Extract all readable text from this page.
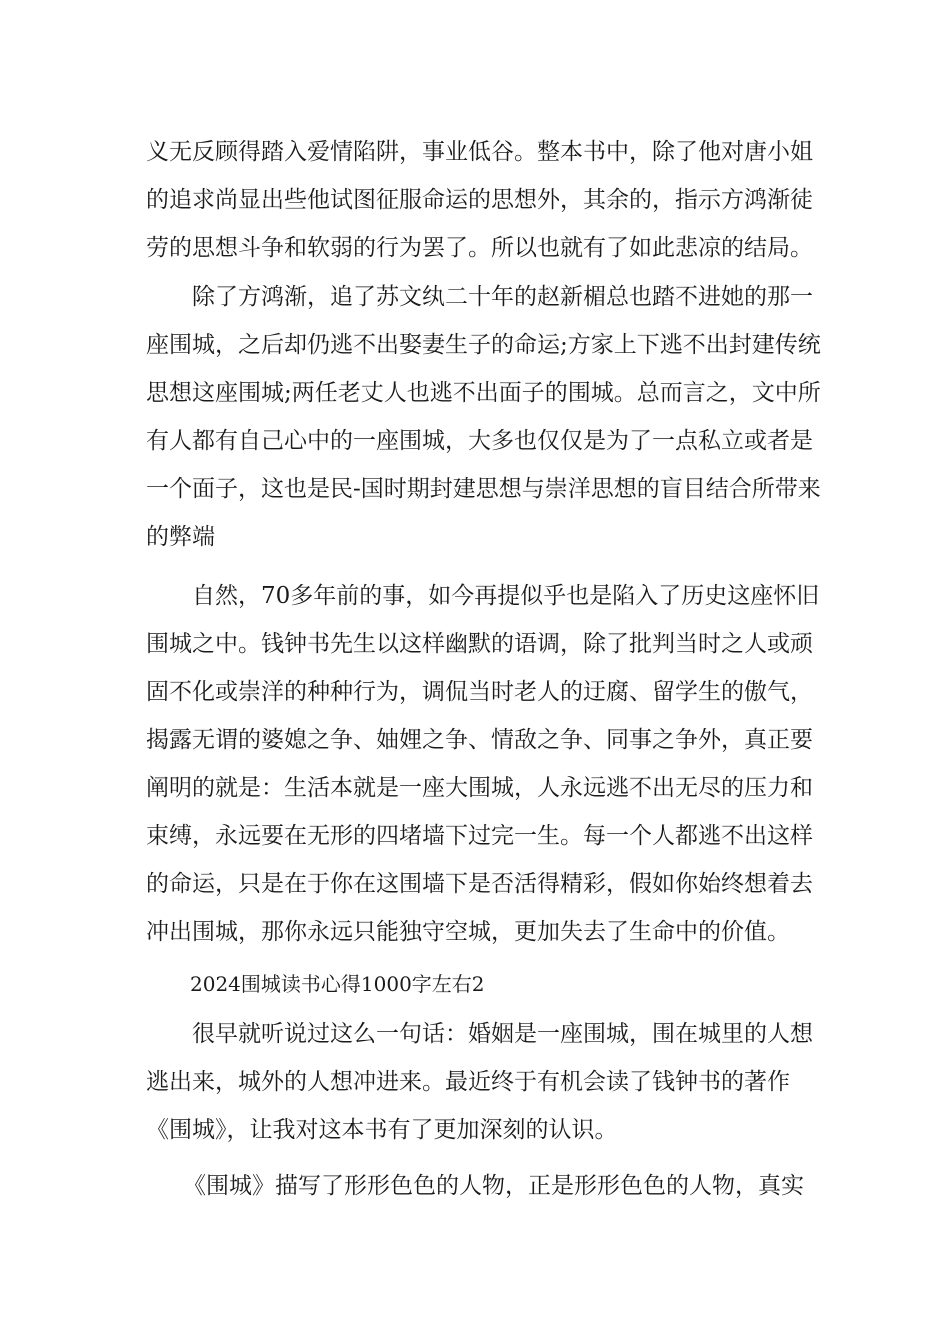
义无反顾得踏入爱情陷阱，事业低谷。整本书中，除了他对唐小姐

的追求尚显出些他试图征服命运的思想外，其余的，指示方鸿渐徒

劳的思想斗争和软弱的行为罢了。所以也就有了如此悲凉的结局。

除了方鸿渐，追了苏文纨二十年的赵新楣总也踏不进她的那一

座围城，之后却仍逃不出娶妻生子的命运;方家上下逃不出封建传统

思想这座围城;两任老丈人也逃不出面子的围城。总而言之，文中所

有人都有自己心中的一座围城，大多也仅仅是为了一点私立或者是

一个面子，这也是民-国时期封建思想与崇洋思想的盲目结合所带来

的弊端

自然，70多年前的事，如今再提似乎也是陷入了历史这座怀旧

围城之中。钱钟书先生以这样幽默的语调，除了批判当时之人或顽

固不化或崇洋的种种行为，调侃当时老人的迂腐、留学生的傲气，

揭露无谓的婆媳之争、妯娌之争、情敌之争、同事之争外，真正要

阐明的就是：生活本就是一座大围城，人永远逃不出无尽的压力和

束缚，永远要在无形的四堵墙下过完一生。每一个人都逃不出这样

的命运，只是在于你在这围墙下是否活得精彩，假如你始终想着去

冲出围城，那你永远只能独守空城，更加失去了生命中的价值。

2024围城读书心得1000字左右2

很早就听说过这么一句话：婚姻是一座围城，围在城里的人想

逃出来，城外的人想冲进来。最近终于有机会读了钱钟书的著作

《围城》，让我对这本书有了更加深刻的认识。

《围城》描写了形形色色的人物，正是形形色色的人物，真实
